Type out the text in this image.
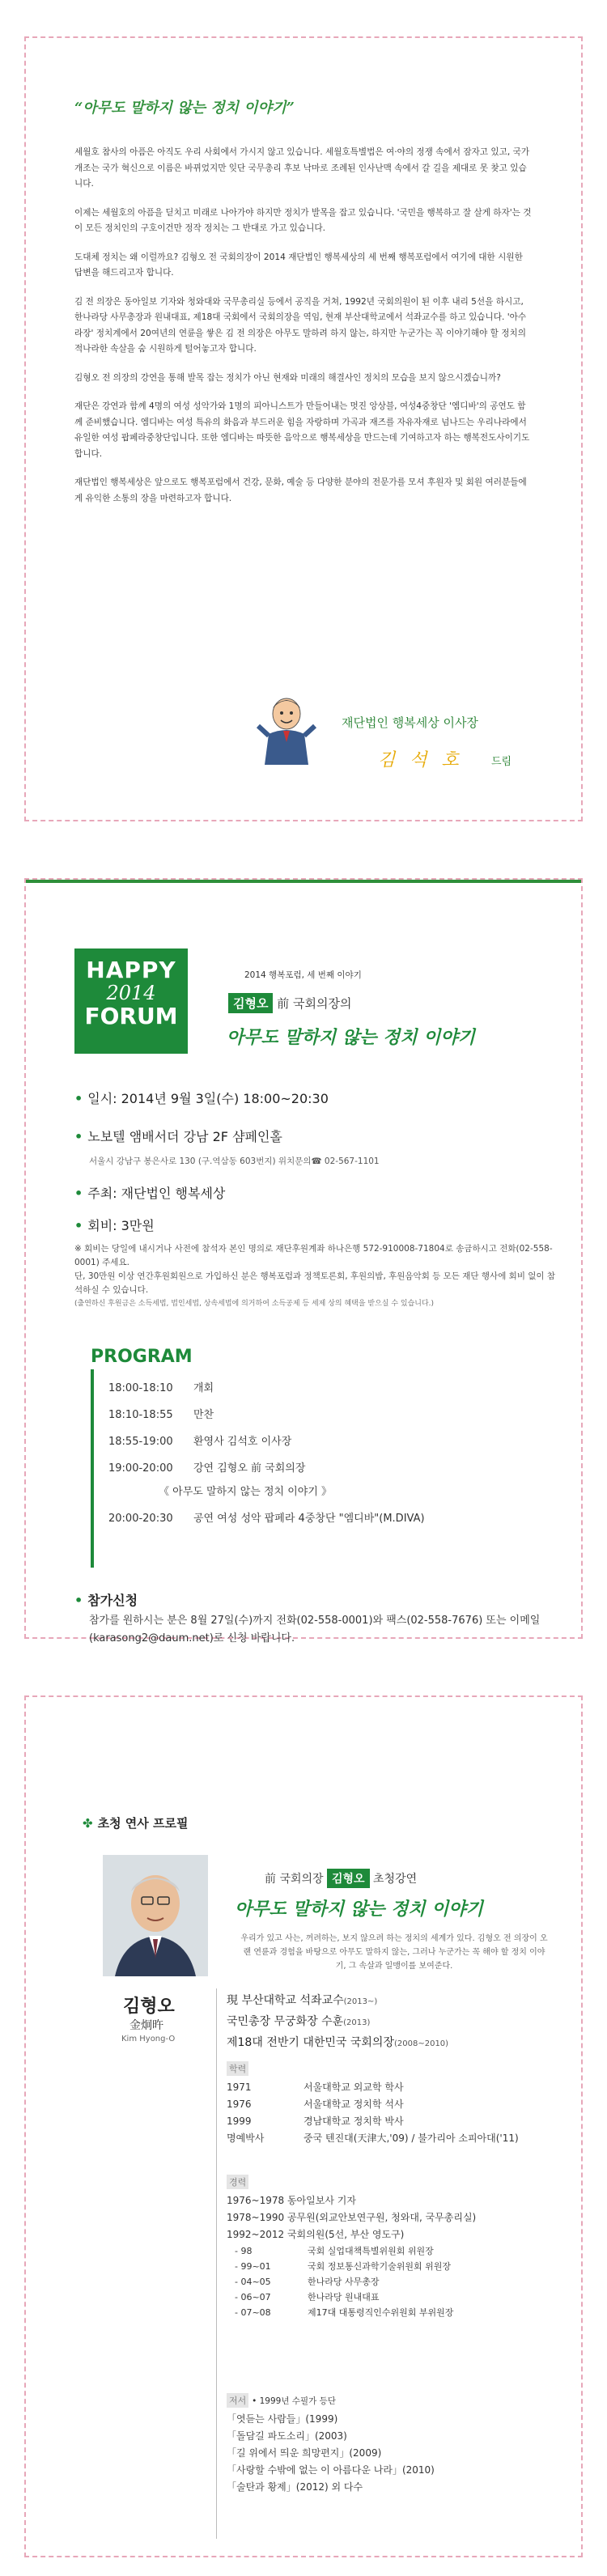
“아무도 말하지 않는 정치 이야기”

세월호 참사의 아픔은 아직도 우리 사회에서 가시지 않고 있습니다. 세월호특별법은 여·야의 정쟁 속에서 잠자고 있고, 국가 개조는 국가 혁신으로 이름은 바뀌었지만 잊단 국무총리 후보 낙마로 조례된 인사난맥 속에서 갈 길을 제대로 못 찾고 있습니다.

이제는 세월호의 아픔을 딛치고 미래로 나아가야 하지만 정치가 발목을 잡고 있습니다. '국민을 행복하고 잘 살게 하자'는 것이 모든 정치인의 구호이건만 정작 정치는 그 반대로 가고 있습니다.

도대체 정치는 왜 이럴까요? 김형오 전 국회의장이 2014 재단법인 행복세상의 세 번째 행복포럼에서 여기에 대한 시원한 답변을 해드리고자 합니다.

김 전 의장은 동아일보 기자와 청와대와 국무총리실 등에서 공직을 거쳐, 1992년 국회의원이 된 이후 내리 5선을 하시고, 한나라당 사무총장과 원내대표, 제18대 국회에서 국회의장을 역임, 현재 부산대학교에서 석좌교수를 하고 있습니다. '아수라장' 정치계에서 20여년의 연륜을 쌓은 김 전 의장은 아무도 말하려 하지 않는, 하지만 누군가는 꼭 이야기해야 할 정치의 적나라한 속살을 숨 시원하게 털어놓고자 합니다.

김형오 전 의장의 강연을 통해 발목 잡는 정치가 아닌 현재와 미래의 해결사인 정치의 모습을 보지 않으시겠습니까?

재단은 강연과 함께 4명의 여성 성악가와 1명의 피아니스트가 만들어내는 멋진 앙상블, 여성4중창단 '엠디바'의 공연도 함께 준비했습니다. 엠디바는 여성 특유의 화음과 부드러운 힘을 자랑하며 가곡과 재즈를 자유자재로 넘나드는 우리나라에서 유일한 여성 팝페라중창단입니다. 또한 엠디바는 따뜻한 음악으로 행복세상을 만드는데 기여하고자 하는 행복전도사이기도 합니다.

재단법인 행복세상은 앞으로도 행복포럼에서 건강, 문화, 예술 등 다양한 분야의 전문가를 모셔 후원자 및 회원 여러분들에게 유익한 소통의 장을 마련하고자 합니다.

재단법인 행복세상 이사장
김석호 드림
2014 행복포럼, 세 번째 이야기
HAPPY
2014
FORUM	김형오 前 국회의장의
아무도 말하지 않는 정치 이야기
• 일시: 2014년 9월 3일(수) 18:00~20:30
• 노보텔 앰배서더 강남 2F 샴페인홀
서울시 강남구 봉은사로 130 (구.역삼동 603번지) 위치문의☎ 02-567-1101
• 주최: 재단법인 행복세상
• 회비: 3만원
※ 회비는 당일에 내시거나 사전에 참석자 본인 명의로 재단후원계좌 하나은행 572-910008-71804로 송금하시고 전화(02-558-0001) 주세요.
단, 30만원 이상 연간후원회원으로 가입하신 분은 행복포럼과 정책토론회, 후원의밤, 후원음악회 등 모든 재단 행사에 회비 없이 참석하실 수 있습니다.
(출연하신 후원금은 소득세법, 법인세법, 상속세법에 의거하여 소득공제 등 세제 상의 혜택을 받으실 수 있습니다.)
PROGRAM
18:00-18:10 개회
18:10-18:55 만찬
18:55-19:00 환영사 김석호 이사장
19:00-20:00 강연 김형오 前 국회의장
《 아무도 말하지 않는 정치 이야기 》
20:00-20:30 공연 여성 성악 팝페라 4중창단 "엠디바"(M.DIVA)
• 참가신청
참가를 원하시는 분은 8월 27일(수)까지 전화(02-558-0001)와 팩스(02-558-7676) 또는 이메일(karasong2@daum.net)로 신청 바랍니다.
✤ 초청 연사 프로필
前 국회의장 김형오 초청강연
아무도 말하지 않는 정치 이야기
우리가 있고 사는, 꺼려하는, 보지 않으려 하는 정치의 세계가 있다. 김형오 전 의장이 오랜 연륜과 경험을 바탕으로 아무도 말하지 않는, 그러나 누군가는 꼭 해야 할 정치 이야기, 그 속살과 일맹이를 보여준다.
김형오
金炯旿
Kim Hyong-O
現 부산대학교 석좌교수(2013~)
국민총장 무궁화장 수훈(2013)
제18대 전반기 대한민국 국회의장(2008~2010)
학력
1971	서울대학교 외교학 학사
1976	서울대학교 정치학 석사
1999	경남대학교 정치학 박사
명예박사	중국 텐진대(天津大,'09) / 불가리아 소피아대('11)
경력
1976~1978 동아일보사 기자
1978~1990 공무원(외교안보연구원, 청와대, 국무총리실)
1992~2012 국회의원(5선, 부산 영도구)
- 98	국회 실업대책특별위원회 위원장
- 99~01	국회 정보통신과학기술위원회 위원장
- 04~05	한나라당 사무총장
- 06~07	한나라당 원내대표
- 07~08	제17대 대통령직인수위원회 부위원장
저서 • 1999년 수필가 등단
「엿듣는 사람들」(1999)
「돌담길 파도소리」(2003)
「길 위에서 띄운 희망편지」(2009)
「사랑할 수밖에 없는 이 아름다운 나라」(2010)
「술탄과 황제」(2012) 외 다수
